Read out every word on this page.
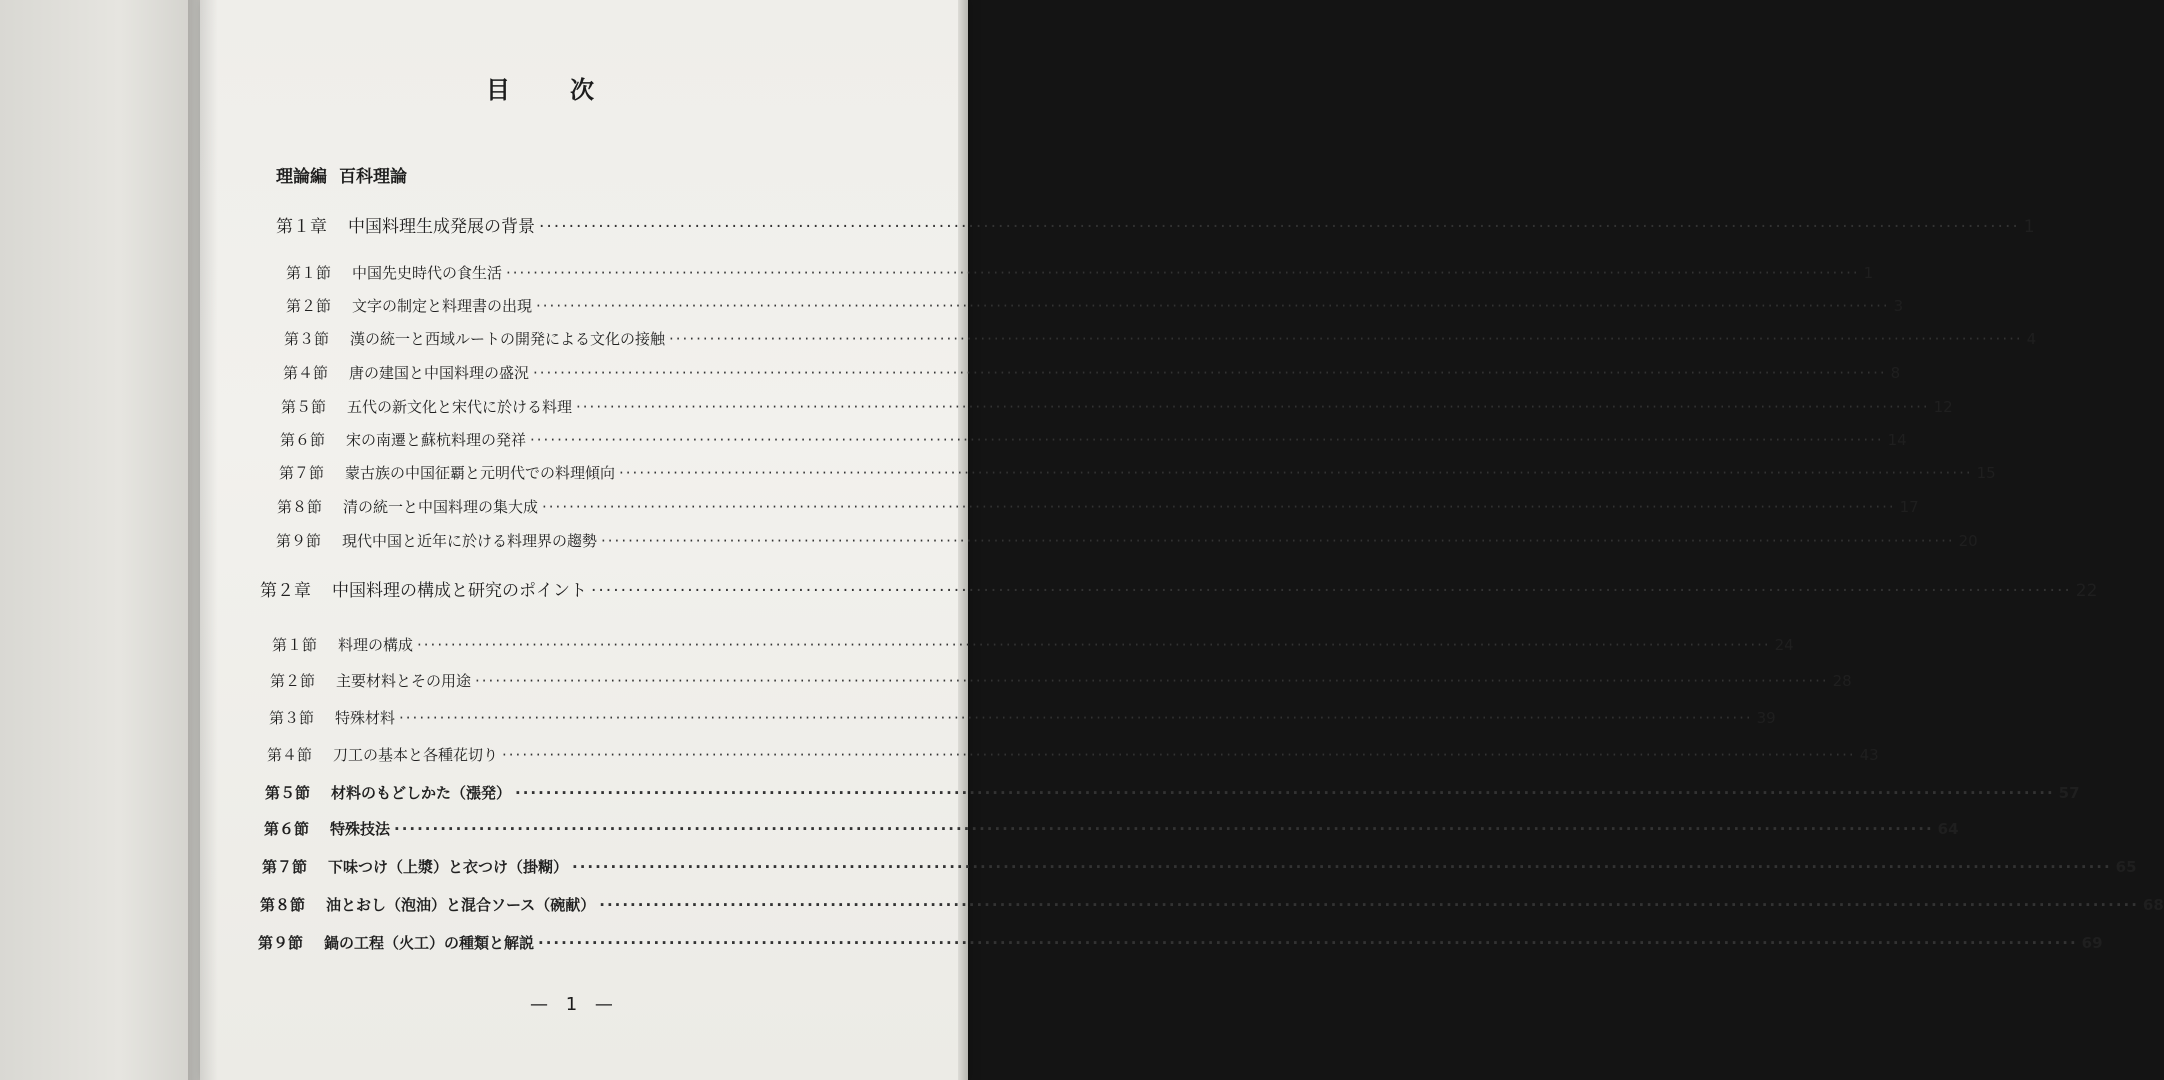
目次
理論編 百科理論
第１章	中国料理生成発展の背景 ········································································································································································································ 1
第１節	中国先史時代の食生活 ········································································································································································································ 1
第２節	文字の制定と料理書の出現 ········································································································································································································ 3
第３節	漢の統一と西域ルートの開発による文化の接触 ········································································································································································································ 4
第４節	唐の建国と中国料理の盛況 ········································································································································································································ 8
第５節	五代の新文化と宋代に於ける料理 ········································································································································································································ 12
第６節	宋の南遷と蘇杭料理の発祥 ········································································································································································································ 14
第７節	蒙古族の中国征覇と元明代での料理傾向 ········································································································································································································ 15
第８節	清の統一と中国料理の集大成 ········································································································································································································ 17
第９節	現代中国と近年に於ける料理界の趨勢 ········································································································································································································ 20
第２章	中国料理の構成と研究のポイント ········································································································································································································ 22
第１節	料理の構成 ········································································································································································································ 24
第２節	主要材料とその用途 ········································································································································································································ 28
第３節	特殊材料 ········································································································································································································ 39
第４節	刀工の基本と各種花切り ········································································································································································································ 43
第５節	材料のもどしかた（漲発） ········································································································································································································ 57
第６節	特殊技法 ········································································································································································································ 64
第７節	下味つけ（上漿）と衣つけ（掛糊） ········································································································································································································ 65
第８節	油とおし（泡油）と混合ソース（碗献） ········································································································································································································ 68
第９節	鍋の工程（火工）の種類と解説 ········································································································································································································ 69
— 1 —
